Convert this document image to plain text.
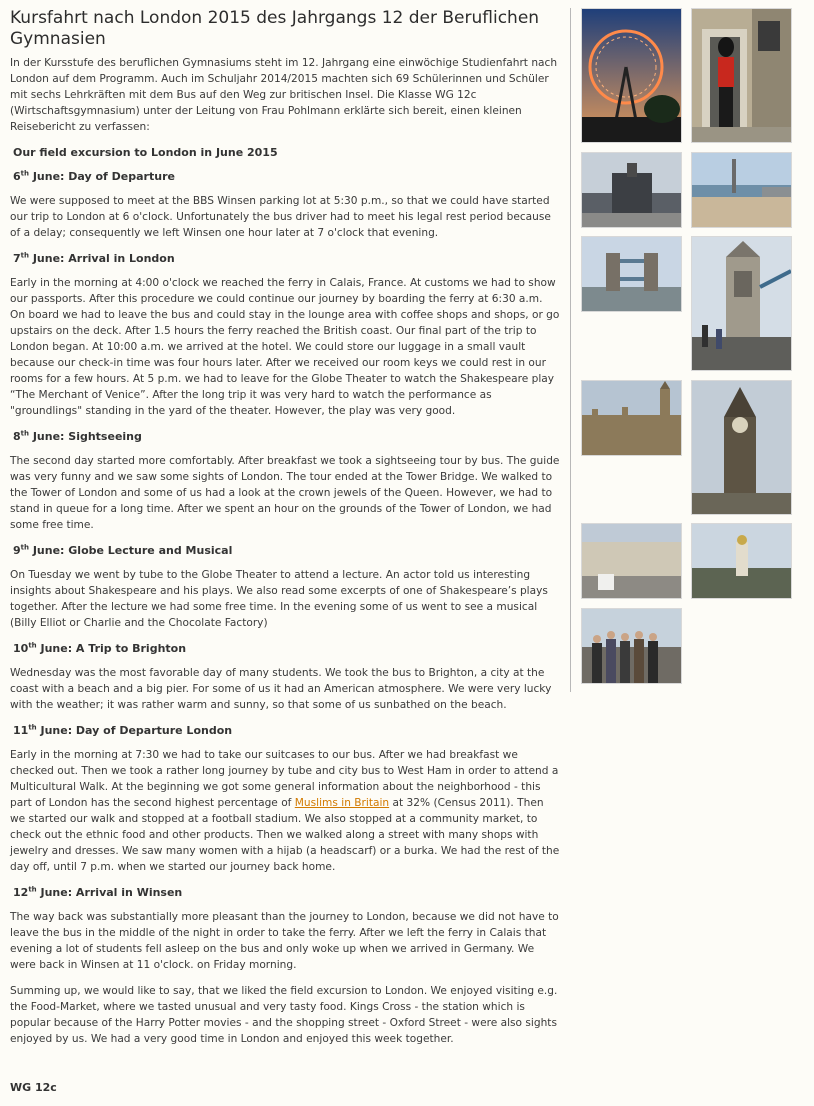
Kursfahrt nach London 2015 des Jahrgangs 12 der Beruflichen Gymnasien

In der Kursstufe des beruflichen Gymnasiums steht im 12. Jahrgang eine einwöchige Studienfahrt nach London auf dem Programm. Auch im Schuljahr 2014/2015 machten sich 69 Schülerinnen und Schüler mit sechs Lehrkräften mit dem Bus auf den Weg zur britischen Insel. Die Klasse WG 12c (Wirtschaftsgymnasium) unter der Leitung von Frau Pohlmann erklärte sich bereit, einen kleinen Reisebericht zu verfassen:

Our field excursion to London in June 2015
6th June: Day of Departure

We were supposed to meet at the BBS Winsen parking lot at 5:30 p.m., so that we could have started our trip to London at 6 o'clock. Unfortunately the bus driver had to meet his legal rest period because of a delay; consequently we left Winsen one hour later at 7 o'clock that evening.

7th June: Arrival in London

Early in the morning at 4:00 o'clock we reached the ferry in Calais, France. At customs we had to show our passports. After this procedure we could continue our journey by boarding the ferry at 6:30 a.m. On board we had to leave the bus and could stay in the lounge area with coffee shops and shops, or go upstairs on the deck. After 1.5 hours the ferry reached the British coast. Our final part of the trip to London began. At 10:00 a.m. we arrived at the hotel. We could store our luggage in a small vault because our check-in time was four hours later. After we received our room keys we could rest in our rooms for a few hours. At 5 p.m. we had to leave for the Globe Theater to watch the Shakespeare play “The Merchant of Venice”. After the long trip it was very hard to watch the performance as "groundlings" standing in the yard of the theater. However, the play was very good.

8th June: Sightseeing

The second day started more comfortably. After breakfast we took a sightseeing tour by bus. The guide was very funny and we saw some sights of London. The tour ended at the Tower Bridge. We walked to the Tower of London and some of us had a look at the crown jewels of the Queen. However, we had to stand in queue for a long time. After we spent an hour on the grounds of the Tower of London, we had some free time.

9th June: Globe Lecture and Musical

On Tuesday we went by tube to the Globe Theater to attend a lecture. An actor told us interesting insights about Shakespeare and his plays. We also read some excerpts of one of Shakespeare’s plays together. After the lecture we had some free time. In the evening some of us went to see a musical (Billy Elliot or Charlie and the Chocolate Factory)

10th June: A Trip to Brighton

Wednesday was the most favorable day of many students. We took the bus to Brighton, a city at the coast with a beach and a big pier. For some of us it had an American atmosphere. We were very lucky with the weather; it was rather warm and sunny, so that some of us sunbathed on the beach.

11th June: Day of Departure London

Early in the morning at 7:30 we had to take our suitcases to our bus. After we had breakfast we checked out. Then we took a rather long journey by tube and city bus to West Ham in order to attend a Multicultural Walk. At the beginning we got some general information about the neighborhood - this part of London has the second highest percentage of Muslims in Britain at 32% (Census 2011). Then we started our walk and stopped at a football stadium. We also stopped at a community market, to check out the ethnic food and other products. Then we walked along a street with many shops with jewelry and dresses. We saw many women with a hijab (a headscarf) or a burka. We had the rest of the day off, until 7 p.m. when we started our journey back home.

12th June: Arrival in Winsen

The way back was substantially more pleasant than the journey to London, because we did not have to leave the bus in the middle of the night in order to take the ferry. After we left the ferry in Calais that evening a lot of students fell asleep on the bus and only woke up when we arrived in Germany. We were back in Winsen at 11 o'clock. on Friday morning.

Summing up, we would like to say, that we liked the field excursion to London. We enjoyed visiting e.g. the Food-Market, where we tasted unusual and very tasty food. Kings Cross - the station which is popular because of the Harry Potter movies - and the shopping street - Oxford Street - were also sights enjoyed by us. We had a very good time in London and enjoyed this week together.

WG 12c
